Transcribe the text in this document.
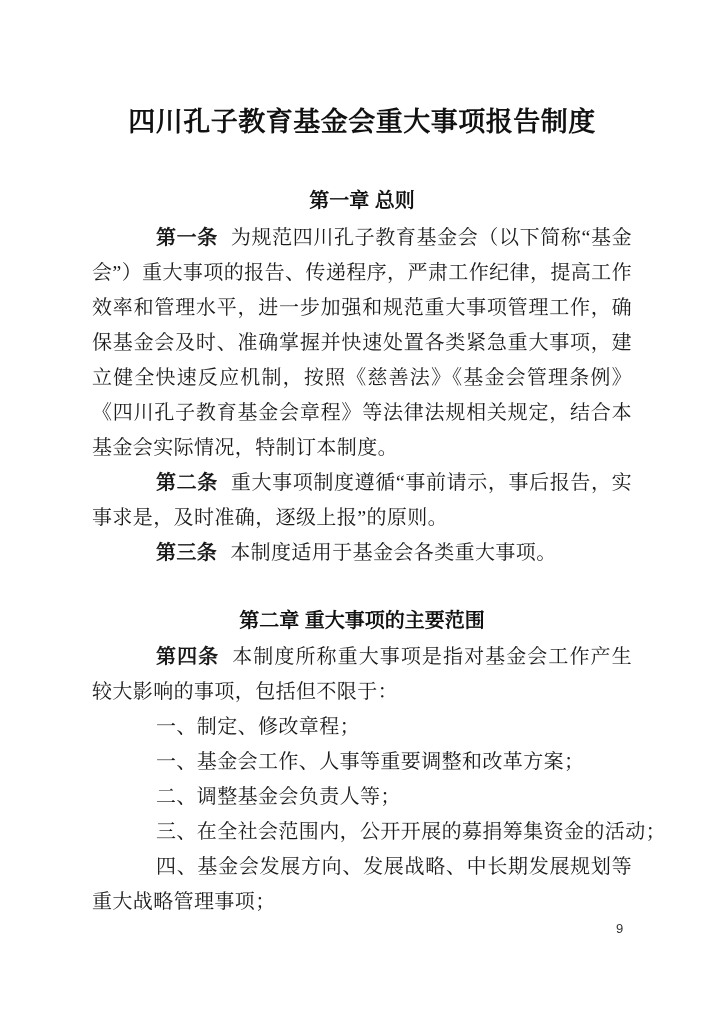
四川孔子教育基金会重大事项报告制度
第一章 总则

第一条 为规范四川孔子教育基金会（以下简称“基金会”）重大事项的报告、传递程序，严肃工作纪律，提高工作效率和管理水平，进一步加强和规范重大事项管理工作，确保基金会及时、准确掌握并快速处置各类紧急重大事项，建立健全快速反应机制，按照《慈善法》《基金会管理条例》《四川孔子教育基金会章程》等法律法规相关规定，结合本基金会实际情况，特制订本制度。

第二条 重大事项制度遵循“事前请示，事后报告，实事求是，及时准确，逐级上报”的原则。

第三条 本制度适用于基金会各类重大事项。

第二章 重大事项的主要范围

第四条 本制度所称重大事项是指对基金会工作产生较大影响的事项，包括但不限于：

一、制定、修改章程；

一、基金会工作、人事等重要调整和改革方案；

二、调整基金会负责人等；

三、在全社会范围内，公开开展的募捐筹集资金的活动；

四、基金会发展方向、发展战略、中长期发展规划等重大战略管理事项；

9
